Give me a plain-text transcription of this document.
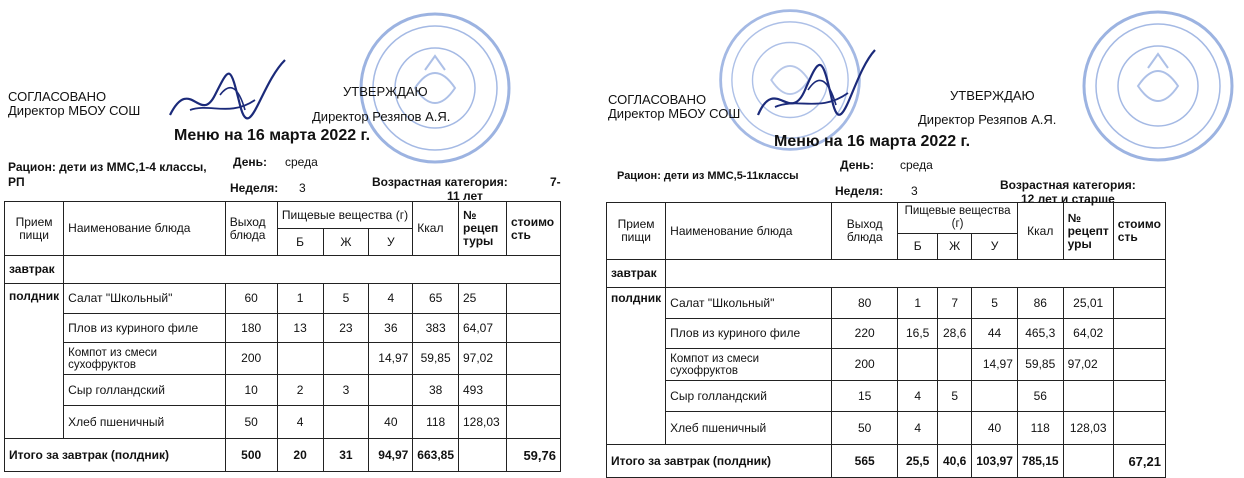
СОГЛАСОВАНО
Директор МБОУ СОШ
УТВЕРЖДАЮ
Директор Резяпов А.Я.
Меню на 16 марта 2022 г.
Рацион: дети из МMC,1-4 классы,
РП
День: среда
Неделя: 3	Возрастная категория:	7-
11 лет
Прием пищи	Наименование блюда	Выход блюда	Пищевые вещества (г)			Ккал	№ рецеп туры	стоимо сть
			Б	Ж	У			
завтрак								
полдник	Салат "Школьный"	60	1	5	4	65	25	
	Плов из куриного филе	180	13	23	36	383	64,07	
	Компот из смеси сухофруктов	200			14,97	59,85	97,02	
	Сыр голландский	10	2	3		38	493	
	Хлеб пшеничный	50	4		40	118	128,03	
Итого за завтрак (полдник)		500	20	31	94,97	663,85		59,76
СОГЛАСОВАНО
Директор МБОУ СОШ
УТВЕРЖДАЮ
Директор Резяпов А.Я.
Меню на 16 марта 2022 г.
Рацион: дети из МMC,5-11классы
День: среда
Неделя: 3	Возрастная категория:
12 лет и старше
Прием пищи	Наименование блюда	Выход блюда	Пищевые вещества (г)			Ккал	№ рецепт уры	стоимо сть
			Б	Ж	У			
завтрак								
полдник	Салат "Школьный"	80	1	7	5	86	25,01	
	Плов из куриного филе	220	16,5	28,6	44	465,3	64,02	
	Компот из смеси сухофруктов	200			14,97	59,85	97,02	
	Сыр голландский	15	4	5		56		
	Хлеб пшеничный	50	4		40	118	128,03	
Итого за завтрак (полдник)		565	25,5	40,6	103,97	785,15		67,21
